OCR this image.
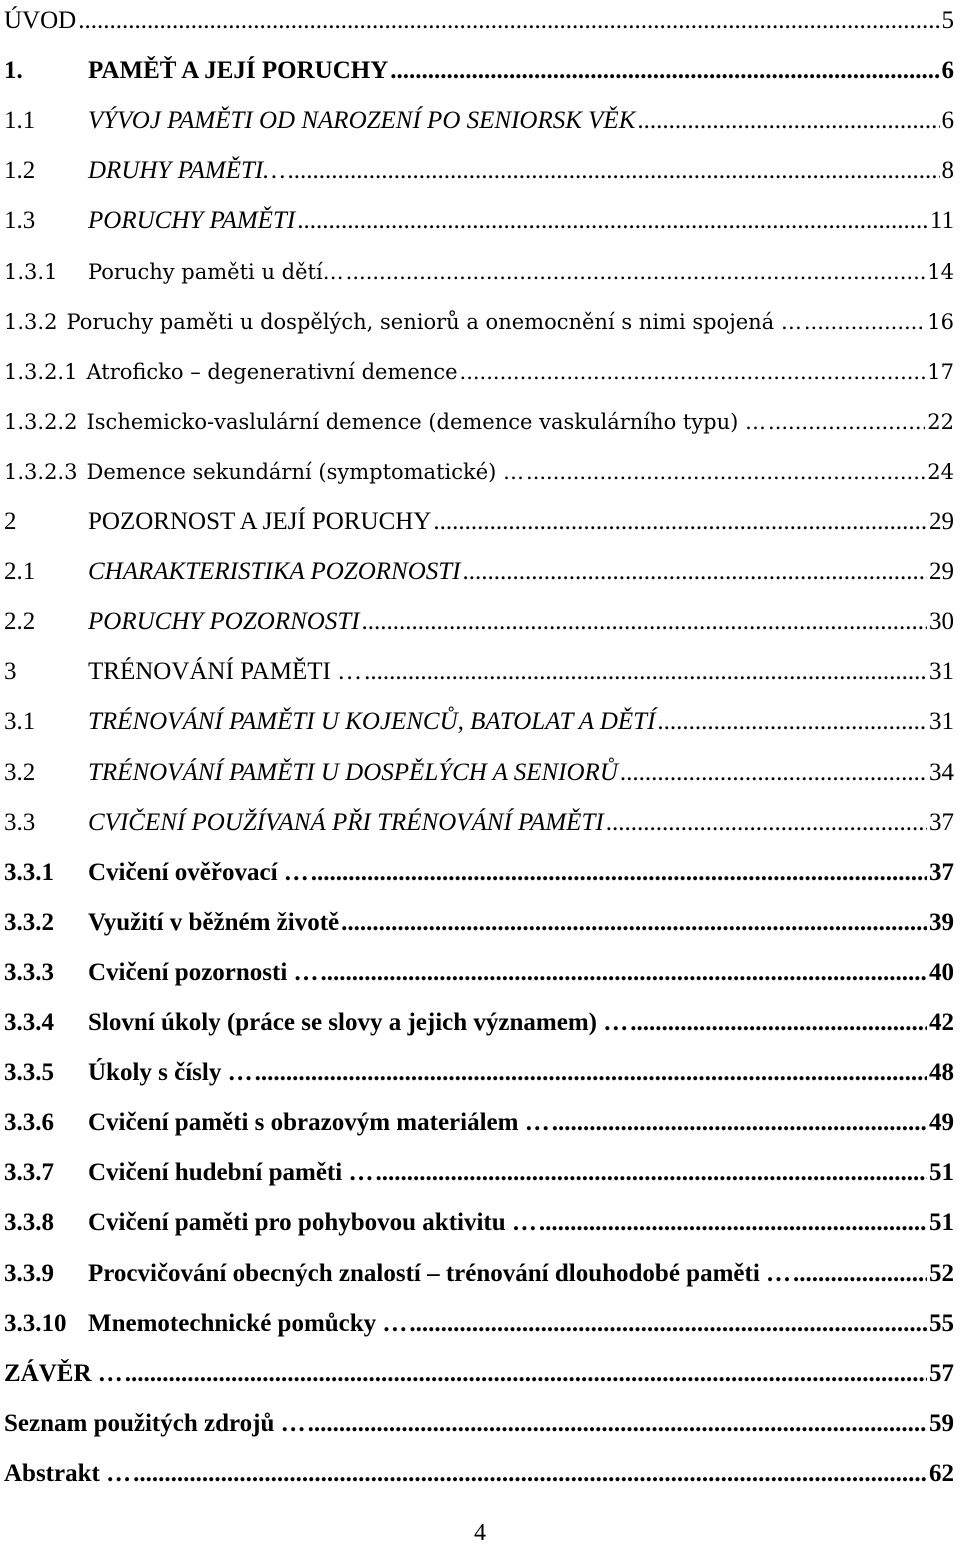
ÚVOD .....	5
1.	PAMĚŤ A JEJÍ PORUCHY .....	6
1.1	VÝVOJ PAMĚTI OD NAROZENÍ PO SENIORSK VĚK .....	6
1.2	DRUHY PAMĚTI… .....	8
1.3	PORUCHY PAMĚTI .....	11
1.3.1	Poruchy paměti u dětí… .....	14
1.3.2 Poruchy paměti u dospělých, seniorů a onemocnění s nimi spojená … .....	16
1.3.2.1 Atroficko – degenerativní demence .....	17
1.3.2.2 Ischemicko-vaslulární demence (demence vaskulárního typu) … .....	22
1.3.2.3 Demence sekundární (symptomatické) … .....	24
2	POZORNOST A JEJÍ PORUCHY .....	29
2.1	CHARAKTERISTIKA POZORNOSTI .....	29
2.2	PORUCHY POZORNOSTI .....	30
3	TRÉNOVÁNÍ PAMĚTI … .....	31
3.1	TRÉNOVÁNÍ PAMĚTI U KOJENCŮ, BATOLAT A DĚTÍ .....	31
3.2	TRÉNOVÁNÍ PAMĚTI U DOSPĚLÝCH A SENIORŮ .....	34
3.3	CVIČENÍ POUŽÍVANÁ PŘI TRÉNOVÁNÍ PAMĚTI .....	37
3.3.1	Cvičení ověřovací … .....	37
3.3.2	Využití v běžném životě .....	39
3.3.3	Cvičení pozornosti … .....	40
3.3.4	Slovní úkoly (práce se slovy a jejich významem) … .....	42
3.3.5	Úkoly s čísly … .....	48
3.3.6	Cvičení paměti s obrazovým materiálem … .....	49
3.3.7	Cvičení hudební paměti … .....	51
3.3.8	Cvičení paměti pro pohybovou aktivitu … .....	51
3.3.9	Procvičování obecných znalostí – trénování dlouhodobé paměti … .....	52
3.3.10 Mnemotechnické pomůcky … .....	55
ZÁVĚR … .....	57
Seznam použitých zdrojů … .....	59
Abstrakt … .....	62
4
